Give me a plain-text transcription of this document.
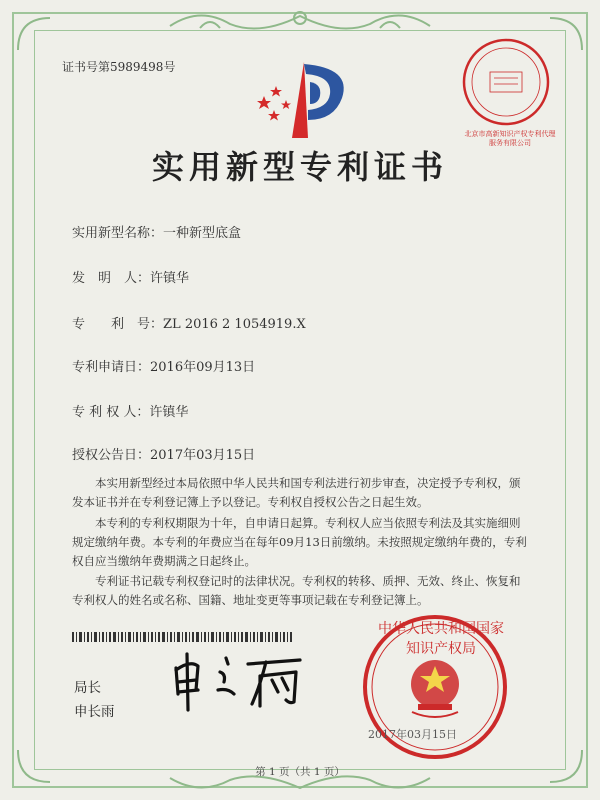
证书号第5989498号
实用新型专利证书
实用新型名称：一种新型底盒
发　明　人：许镇华
专　　利　号：ZL 2016 2 1054919.X
专利申请日：2016年09月13日
专 利 权 人：许镇华
授权公告日：2017年03月15日
本实用新型经过本局依照中华人民共和国专利法进行初步审查，决定授予专利权，颁发本证书并在专利登记簿上予以登记。专利权自授权公告之日起生效。
本专利的专利权期限为十年，自申请日起算。专利权人应当依照专利法及其实施细则规定缴纳年费。本专利的年费应当在每年09月13日前缴纳。未按照规定缴纳年费的，专利权自应当缴纳年费期满之日起终止。
专利证书记载专利权登记时的法律状况。专利权的转移、质押、无效、终止、恢复和专利权人的姓名或名称、国籍、地址变更等事项记载在专利登记簿上。
局长
申长雨
中华人民共和国国家知识产权局
2017年03月15日
北京市高新知识产权专利代理服务有限公司
第 1 页（共 1 页）
